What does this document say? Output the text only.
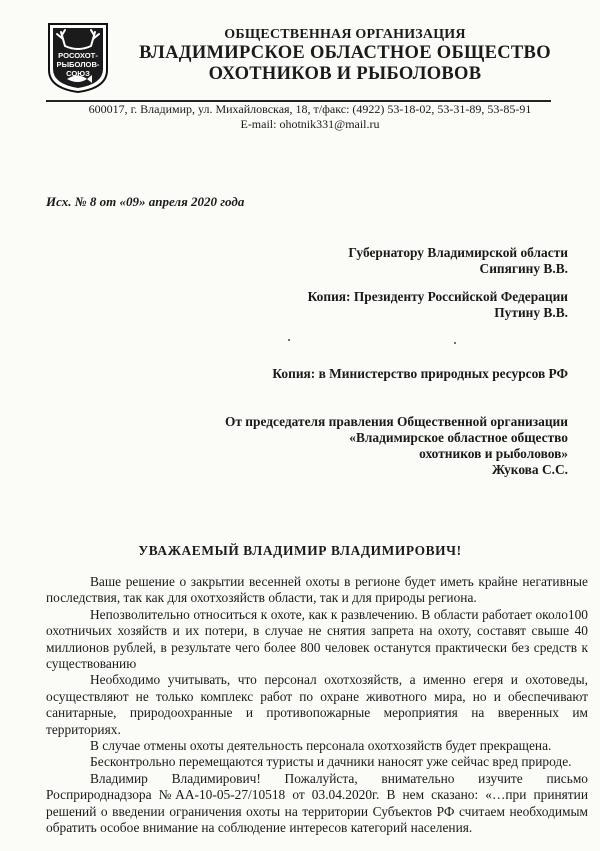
РОСОХОТ-
РЫБОЛОВ-
СОЮЗ
ОБЩЕСТВЕННАЯ ОРГАНИЗАЦИЯ
ВЛАДИМИРСКОЕ ОБЛАСТНОЕ ОБЩЕСТВО
ОХОТНИКОВ И РЫБОЛОВОВ
600017, г. Владимир, ул. Михайловская, 18, т/факс: (4922) 53-18-02, 53-31-89, 53-85-91
E-mail: ohotnik331@mail.ru
Исх. № 8 от «09» апреля 2020 года
Губернатору Владимирской области
Сипягину В.В.
Копия: Президенту Российской Федерации
Путину В.В.
Копия: в Министерство природных ресурсов РФ
От председателя правления Общественной организации
«Владимирское областное общество
охотников и рыболовов»
Жукова С.С.
УВАЖАЕМЫЙ ВЛАДИМИР ВЛАДИМИРОВИЧ!

Ваше решение о закрытии весенней охоты в регионе будет иметь крайне негативные последствия, так как для охотхозяйств области, так и для природы региона.

Непозволительно относиться к охоте, как к развлечению. В области работает около100 охотничьих хозяйств и их потери, в случае не снятия запрета на охоту, составят свыше 40 миллионов рублей, в результате чего более 800 человек останутся практически без средств к существованию

Необходимо учитывать, что персонал охотхозяйств, а именно егеря и охотоведы, осуществляют не только комплекс работ по охране животного мира, но и обеспечивают санитарные, природоохранные и противопожарные мероприятия на вверенных им территориях.

В случае отмены охоты деятельность персонала охотхозяйств будет прекращена.

Бесконтрольно перемещаются туристы и дачники наносят уже сейчас вред природе.

Владимир Владимирович! Пожалуйста, внимательно изучите письмо Росприроднадзора №АА-10-05-27/10518 от 03.04.2020г. В нем сказано: «…при принятии решений о введении ограничения охоты на территории Субъектов РФ считаем необходимым обратить особое внимание на соблюдение интересов категорий населения.
